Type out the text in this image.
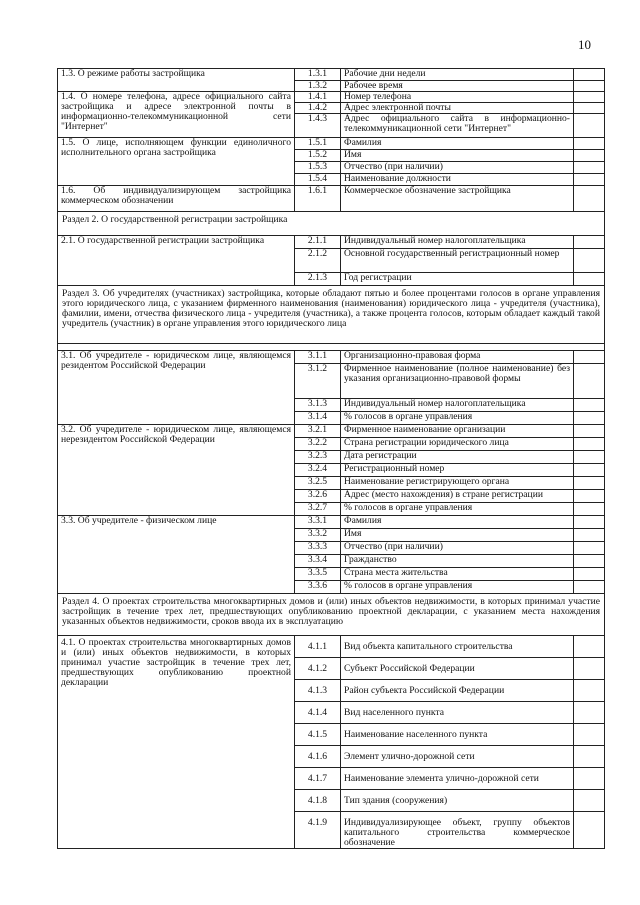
10
1.3. О режиме работы застройщика	1.3.1	Рабочие дни недели	
	1.3.2	Рабочее время	
1.4. О номере телефона, адресе официального сайта застройщика и адресе электронной почты в информационно-телекоммуникационной сети "Интернет"	1.4.1	Номер телефона	
	1.4.2	Адрес электронной почты	
	1.4.3	Адрес официального сайта в информационно-телекоммуникационной сети "Интернет"	
1.5. О лице, исполняющем функции единоличного исполнительного органа застройщика	1.5.1	Фамилия	
	1.5.2	Имя	
	1.5.3	Отчество (при наличии)	
	1.5.4	Наименование должности	
1.6. Об индивидуализирующем застройщика коммерческом обозначении	1.6.1	Коммерческое обозначение застройщика	
Раздел 2. О государственной регистрации застройщика			
2.1. О государственной регистрации застройщика	2.1.1	Индивидуальный номер налогоплательщика	
	2.1.2	Основной государственный регистрационный номер	
	2.1.3	Год регистрации	
Раздел 3. Об учредителях (участниках) застройщика, которые обладают пятью и более процентами голосов в органе управления этого юридического лица, с указанием фирменного наименования (наименования) юридического лица - учредителя (участника), фамилии, имени, отчества физического лица - учредителя (участника), а также процента голосов, которым обладает каждый такой учредитель (участник) в органе управления этого юридического лица			

3.1. Об учредителе - юридическом лице, являющемся резидентом Российской Федерации	3.1.1	Организационно-правовая форма	
	3.1.2	Фирменное наименование (полное наименование) без указания организационно-правовой формы	
	3.1.3	Индивидуальный номер налогоплательщика	
	3.1.4	% голосов в органе управления	
3.2. Об учредителе - юридическом лице, являющемся нерезидентом Российской Федерации	3.2.1	Фирменное наименование организации	
	3.2.2	Страна регистрации юридического лица	
	3.2.3	Дата регистрации	
	3.2.4	Регистрационный номер	
	3.2.5	Наименование регистрирующего органа	
	3.2.6	Адрес (место нахождения) в стране регистрации	
	3.2.7	% голосов в органе управления	
3.3. Об учредителе - физическом лице	3.3.1	Фамилия	
	3.3.2	Имя	
	3.3.3	Отчество (при наличии)	
	3.3.4	Гражданство	
	3.3.5	Страна места жительства	
	3.3.6	% голосов в органе управления	
Раздел 4. О проектах строительства многоквартирных домов и (или) иных объектов недвижимости, в которых принимал участие застройщик в течение трех лет, предшествующих опубликованию проектной декларации, с указанием места нахождения указанных объектов недвижимости, сроков ввода их в эксплуатацию			
4.1. О проектах строительства многоквартирных домов и (или) иных объектов недвижимости, в которых принимал участие застройщик в течение трех лет, предшествующих опубликованию проектной декларации	4.1.1	Вид объекта капитального строительства	
	4.1.2	Субъект Российской Федерации	
	4.1.3	Район субъекта Российской Федерации	
	4.1.4	Вид населенного пункта	
	4.1.5	Наименование населенного пункта	
	4.1.6	Элемент улично-дорожной сети	
	4.1.7	Наименование элемента улично-дорожной сети	
	4.1.8	Тип здания (сооружения)	
	4.1.9	Индивидуализирующее объект, группу объектов капитального строительства коммерческое обозначение	
